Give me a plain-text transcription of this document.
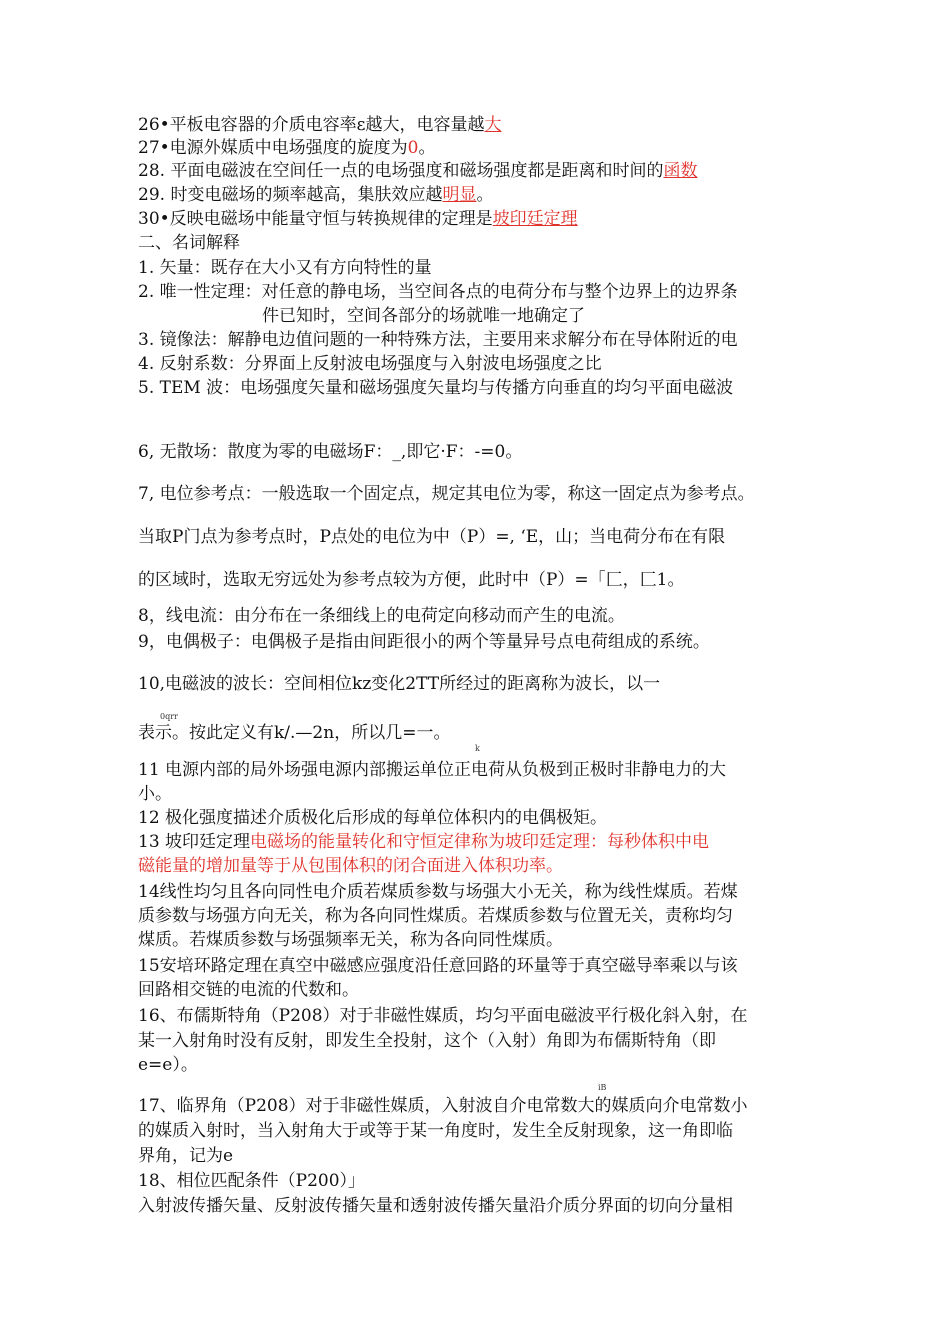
26•平板电容器的介质电容率ε越大，电容量越大
27•电源外媒质中电场强度的旋度为0。
28. 平面电磁波在空间任一点的电场强度和磁场强度都是距离和时间的函数
29. 时变电磁场的频率越高，集肤效应越明显。
30•反映电磁场中能量守恒与转换规律的定理是坡印廷定理
二、名词解释
1. 矢量：既存在大小又有方向特性的量
2. 唯一性定理：对任意的静电场，当空间各点的电荷分布与整个边界上的边界条
件已知时，空间各部分的场就唯一地确定了
3. 镜像法：解静电边值问题的一种特殊方法，主要用来求解分布在导体附近的电
4. 反射系数：分界面上反射波电场强度与入射波电场强度之比
5. TEM 波：电场强度矢量和磁场强度矢量均与传播方向垂直的均匀平面电磁波
6, 无散场：散度为零的电磁场F：_,即它·F：-=0。
7, 电位参考点：一般选取一个固定点，规定其电位为零，称这一固定点为参考点。
当取P门点为参考点时，P点处的电位为中（P）=, ‘E，山；当电荷分布在有限
的区域时，选取无穷远处为参考点较为方便，此时中（P）=「匚，匚1。
8，线电流：由分布在一条细线上的电荷定向移动而产生的电流。
9，电偶极子：电偶极子是指由间距很小的两个等量异号点电荷组成的系统。
10,电磁波的波长：空间相位kz变化2TT所经过的距离称为波长，以一
0qrr
表示。按此定义有k/.—2n，所以几=一。
k
11 电源内部的局外场强电源内部搬运单位正电荷从负极到正极时非静电力的大
小。
12 极化强度描述介质极化后形成的每单位体积内的电偶极矩。
13 坡印廷定理电磁场的能量转化和守恒定律称为坡印廷定理：每秒体积中电
磁能量的增加量等于从包围体积的闭合面进入体积功率。
14线性均匀且各向同性电介质若煤质参数与场强大小无关，称为线性煤质。若煤
质参数与场强方向无关，称为各向同性煤质。若煤质参数与位置无关，责称均匀
煤质。若煤质参数与场强频率无关，称为各向同性煤质。
15安培环路定理在真空中磁感应强度沿任意回路的环量等于真空磁导率乘以与该
回路相交链的电流的代数和。
16、布儒斯特角（P208）对于非磁性媒质，均匀平面电磁波平行极化斜入射，在
某一入射角时没有反射，即发生全投射，这个（入射）角即为布儒斯特角（即
e=e）。
iB
17、临界角（P208）对于非磁性媒质，入射波自介电常数大的媒质向介电常数小
的媒质入射时，当入射角大于或等于某一角度时，发生全反射现象，这一角即临
界角，记为e
18、相位匹配条件（P200）」
入射波传播矢量、反射波传播矢量和透射波传播矢量沿介质分界面的切向分量相
